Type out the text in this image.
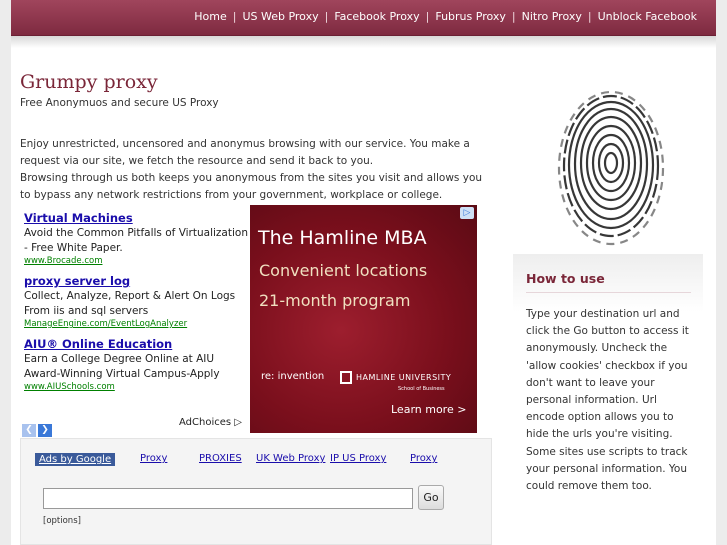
Home | US Web Proxy | Facebook Proxy | Fubrus Proxy | Nitro Proxy | Unblock Facebook
Grumpy proxy
Free Anonymuos and secure US Proxy

Enjoy unrestricted, uncensored and anonymus browsing with our service. You make a request via our site, we fetch the resource and send it back to you.

Browsing through us both keeps you anonymous from the sites you visit and allows you to bypass any network restrictions from your government, workplace or college.

Virtual Machines
Avoid the Common Pitfalls of Virtualization - Free White Paper.
www.Brocade.com
proxy server log
Collect, Analyze, Report & Alert On Logs From iis and sql servers
ManageEngine.com/EventLogAnalyzer
AIU® Online Education
Earn a College Degree Online at AIU Award-Winning Virtual Campus-Apply
www.AIUSchools.com
❮ ❯
AdChoices ▷
▷
The Hamline MBA
Convenient locations
21-month program
re: invention	HAMLINE UNIVERSITY
School of Business
Learn more >
Ads by Google	Proxy	PROXIES UK Web Proxy IP US Proxy Proxy
Go
[options]
How to use
Type your destination url and click the Go button to access it anonymously. Uncheck the 'allow cookies' checkbox if you don't want to leave your personal information. Url encode option allows you to hide the urls you're visiting. Some sites use scripts to track your personal information. You could remove them too.
